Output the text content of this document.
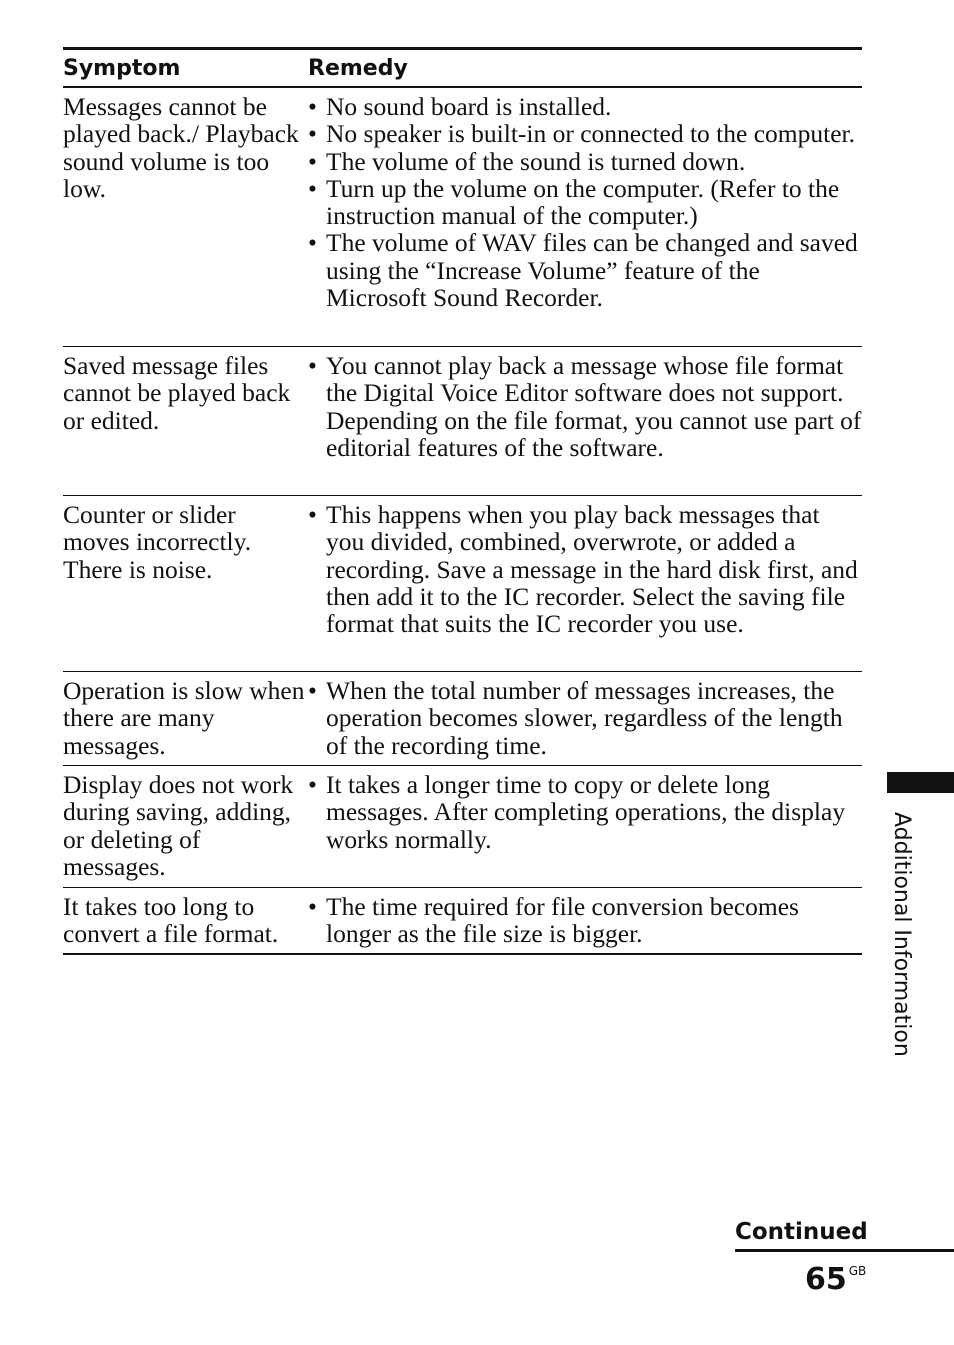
Symptom	Remedy
Messages cannot be played back./ Playback sound volume is too low.
• No sound board is installed.
• No speaker is built-in or connected to the computer.
• The volume of the sound is turned down.
• Turn up the volume on the computer. (Refer to the instruction manual of the computer.)
• The volume of WAV files can be changed and saved using the “Increase Volume” feature of the Microsoft Sound Recorder.
Saved message files cannot be played back or edited.
• You cannot play back a message whose file format the Digital Voice Editor software does not support. Depending on the file format, you cannot use part of editorial features of the software.
Counter or slider moves incorrectly. There is noise.
• This happens when you play back messages that you divided, combined, overwrote, or added a recording. Save a message in the hard disk first, and then add it to the IC recorder. Select the saving file format that suits the IC recorder you use.
Operation is slow when there are many messages.
• When the total number of messages increases, the operation becomes slower, regardless of the length of the recording time.
Display does not work during saving, adding, or deleting of messages.
• It takes a longer time to copy or delete long messages. After completing operations, the display works normally.
It takes too long to convert a file format.
• The time required for file conversion becomes longer as the file size is bigger.	Additional Information
Continued
65 $^{GB}$
